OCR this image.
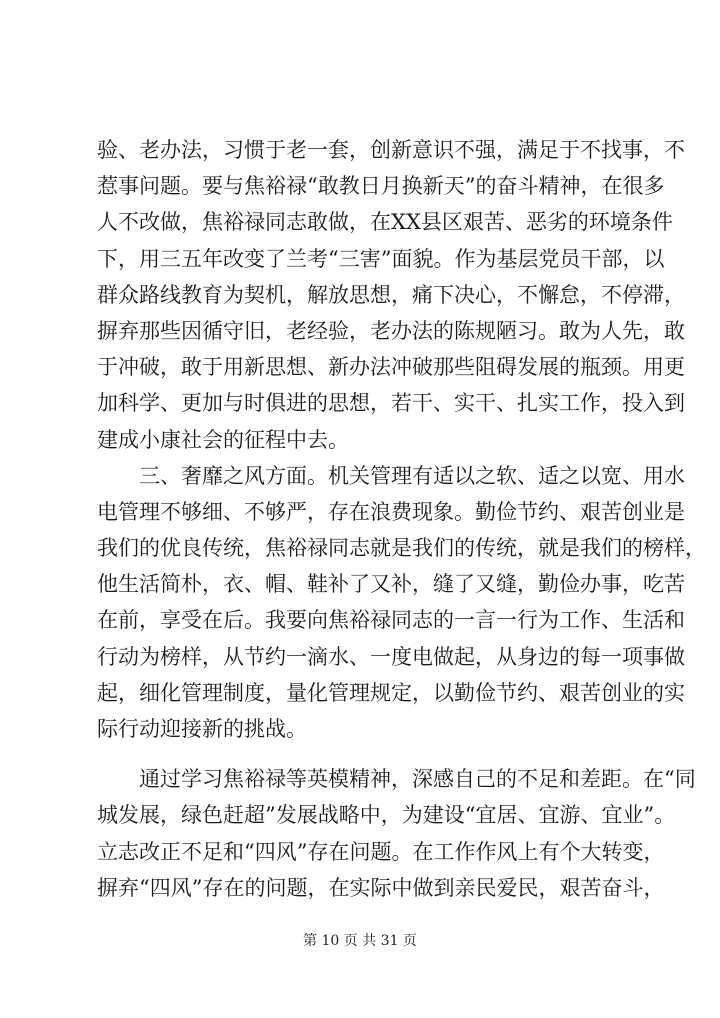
验、老办法，习惯于老一套，创新意识不强，满足于不找事，不
惹事问题。要与焦裕禄“敢教日月换新天”的奋斗精神，在很多
人不改做，焦裕禄同志敢做，在XX县区艰苦、恶劣的环境条件
下，用三五年改变了兰考“三害”面貌。作为基层党员干部，以
群众路线教育为契机，解放思想，痛下决心，不懈怠，不停滞，
摒弃那些因循守旧，老经验，老办法的陈规陋习。敢为人先，敢
于冲破，敢于用新思想、新办法冲破那些阻碍发展的瓶颈。用更
加科学、更加与时俱进的思想，若干、实干、扎实工作，投入到
建成小康社会的征程中去。
　　三、奢靡之风方面。机关管理有适以之软、适之以宽、用水
电管理不够细、不够严，存在浪费现象。勤俭节约、艰苦创业是
我们的优良传统，焦裕禄同志就是我们的传统，就是我们的榜样，
他生活简朴，衣、帽、鞋补了又补，缝了又缝，勤俭办事，吃苦
在前，享受在后。我要向焦裕禄同志的一言一行为工作、生活和
行动为榜样，从节约一滴水、一度电做起，从身边的每一项事做
起，细化管理制度，量化管理规定，以勤俭节约、艰苦创业的实
际行动迎接新的挑战。
　　通过学习焦裕禄等英模精神，深感自己的不足和差距。在“同
城发展，绿色赶超”发展战略中，为建设“宜居、宜游、宜业”。
立志改正不足和“四风”存在问题。在工作作风上有个大转变，
摒弃“四风”存在的问题，在实际中做到亲民爱民，艰苦奋斗，
第 10 页 共 31 页
